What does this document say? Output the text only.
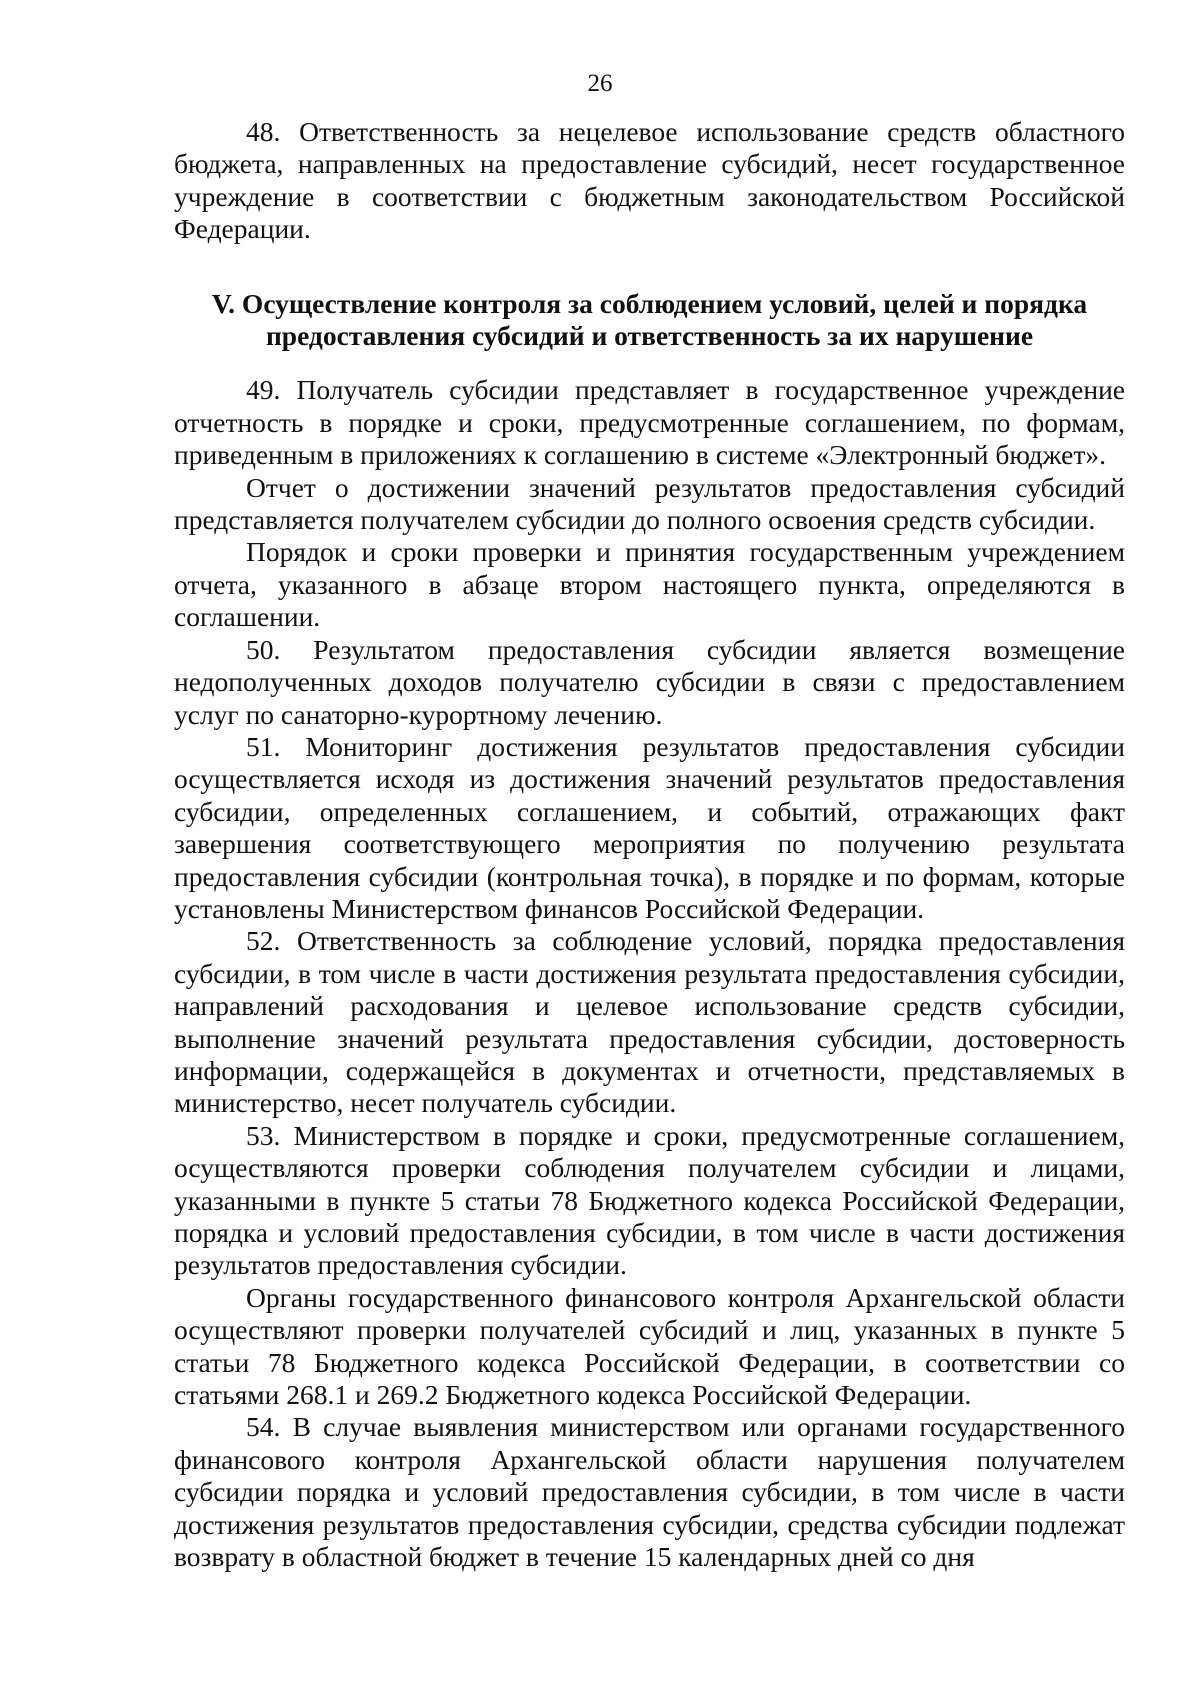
26

48. Ответственность за нецелевое использование средств областного бюджета, направленных на предоставление субсидий, несет государственное учреждение в соответствии с бюджетным законодательством Российской Федерации.

V. Осуществление контроля за соблюдением условий, целей и порядка
предоставления субсидий и ответственность за их нарушение

49. Получатель субсидии представляет в государственное учреждение отчетность в порядке и сроки, предусмотренные соглашением, по формам, приведенным в приложениях к соглашению в системе «Электронный бюджет».

Отчет о достижении значений результатов предоставления субсидий представляется получателем субсидии до полного освоения средств субсидии.

Порядок и сроки проверки и принятия государственным учреждением отчета, указанного в абзаце втором настоящего пункта, определяются в соглашении.

50. Результатом предоставления субсидии является возмещение недополученных доходов получателю субсидии в связи с предоставлением услуг по санаторно-курортному лечению.

51. Мониторинг достижения результатов предоставления субсидии осуществляется исходя из достижения значений результатов предоставления субсидии, определенных соглашением, и событий, отражающих факт завершения соответствующего мероприятия по получению результата предоставления субсидии (контрольная точка), в порядке и по формам, которые установлены Министерством финансов Российской Федерации.

52. Ответственность за соблюдение условий, порядка предоставления субсидии, в том числе в части достижения результата предоставления субсидии, направлений расходования и целевое использование средств субсидии, выполнение значений результата предоставления субсидии, достоверность информации, содержащейся в документах и отчетности, представляемых в министерство, несет получатель субсидии.

53. Министерством в порядке и сроки, предусмотренные соглашением, осуществляются проверки соблюдения получателем субсидии и лицами, указанными в пункте 5 статьи 78 Бюджетного кодекса Российской Федерации, порядка и условий предоставления субсидии, в том числе в части достижения результатов предоставления субсидии.

Органы государственного финансового контроля Архангельской области осуществляют проверки получателей субсидий и лиц, указанных в пункте 5 статьи 78 Бюджетного кодекса Российской Федерации, в соответствии со статьями 268.1 и 269.2 Бюджетного кодекса Российской Федерации.

54. В случае выявления министерством или органами государственного финансового контроля Архангельской области нарушения получателем субсидии порядка и условий предоставления субсидии, в том числе в части достижения результатов предоставления субсидии, средства субсидии подлежат возврату в областной бюджет в течение 15 календарных дней со дня
